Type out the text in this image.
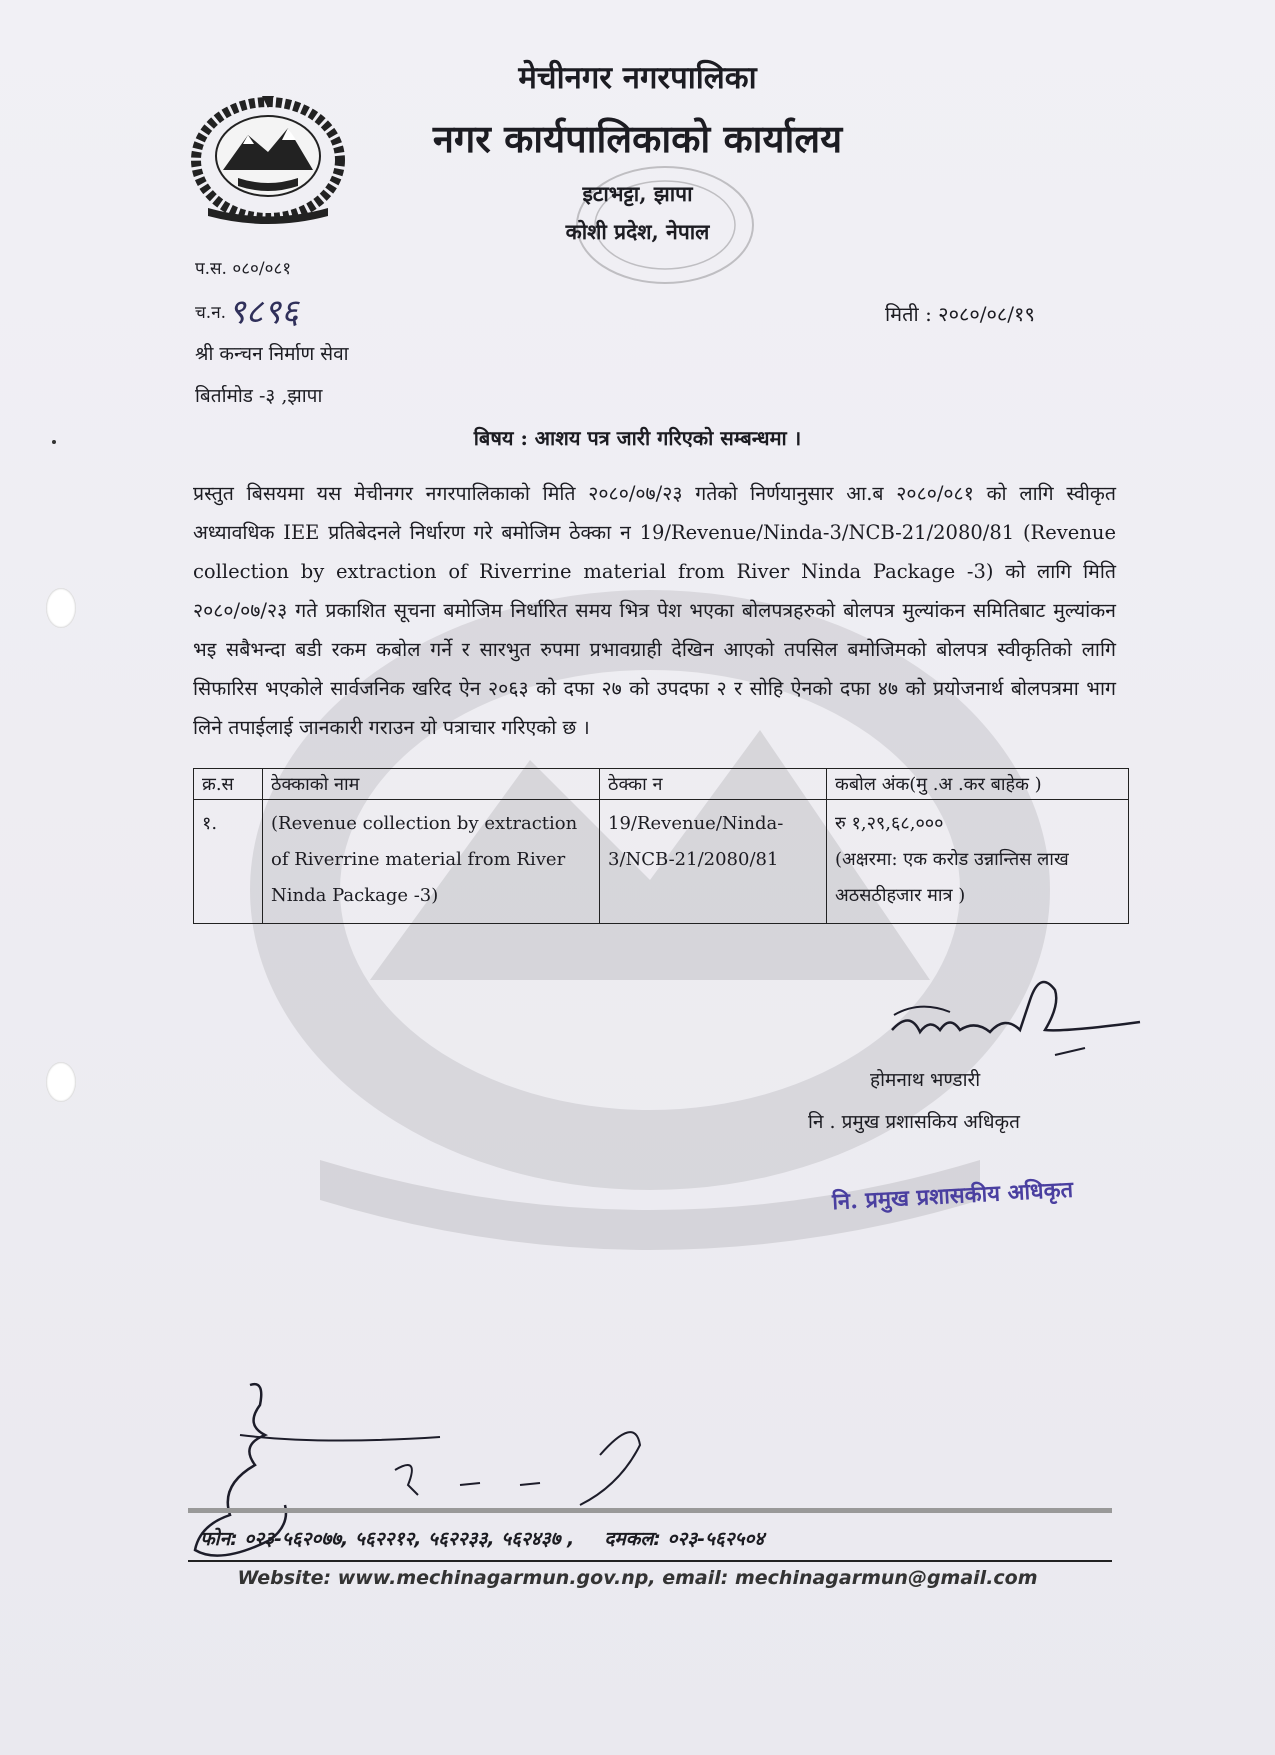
मेचीनगर नगरपालिका
नगर कार्यपालिकाको कार्यालय
इटाभट्टा, झापा
कोशी प्रदेश, नेपाल
प.स. ०८०/०८१
च.न. ९८९६	मिती : २०८०/०८/१९
श्री कन्चन निर्माण सेवा
बिर्तामोड -३ ,झापा
बिषय : आशय पत्र जारी गरिएको सम्बन्धमा ।
प्रस्तुत बिसयमा यस मेचीनगर नगरपालिकाको मिति २०८०/०७/२३ गतेको निर्णयानुसार आ.ब २०८०/०८१ को लागि स्वीकृत अध्यावधिक IEE प्रतिबेदनले निर्धारण गरे बमोजिम ठेक्का न 19/Revenue/Ninda-3/NCB-21/2080/81 (Revenue collection by extraction of Riverrine material from River Ninda Package -3) को लागि मिति २०८०/०७/२३ गते प्रकाशित सूचना बमोजिम निर्धारित समय भित्र पेश भएका बोलपत्रहरुको बोलपत्र मुल्यांकन समितिबाट मुल्यांकन भइ सबैभन्दा बडी रकम कबोल गर्ने र सारभुत रुपमा प्रभावग्राही देखिन आएको तपसिल बमोजिमको बोलपत्र स्वीकृतिको लागि सिफारिस भएकोले सार्वजनिक खरिद ऐन २०६३ को दफा २७ को उपदफा २ र सोहि ऐनको दफा ४७ को प्रयोजनार्थ बोलपत्रमा भाग लिने तपाईलाई जानकारी गराउन यो पत्राचार गरिएको छ ।
क्र.स	ठेक्काको नाम	ठेक्का न	कबोल अंक(मु .अ .कर बाहेक )
१.	(Revenue collection by extraction of Riverrine material from River Ninda Package -3)	19/Revenue/Ninda-3/NCB-21/2080/81	रु १,२९,६८,०००
(अक्षरमा: एक करोड उन्नान्तिस लाख अठसठीहजार मात्र )
होमनाथ भण्डारी
नि . प्रमुख प्रशासकिय अधिकृत
नि. प्रमुख प्रशासकीय अधिकृत
फोन: ०२३-५६२०७७, ५६२२१२, ५६२२३३, ५६२४३७ , दमकल: ०२३-५६२५०४
Website: www.mechinagarmun.gov.np, email: mechinagarmun@gmail.com
